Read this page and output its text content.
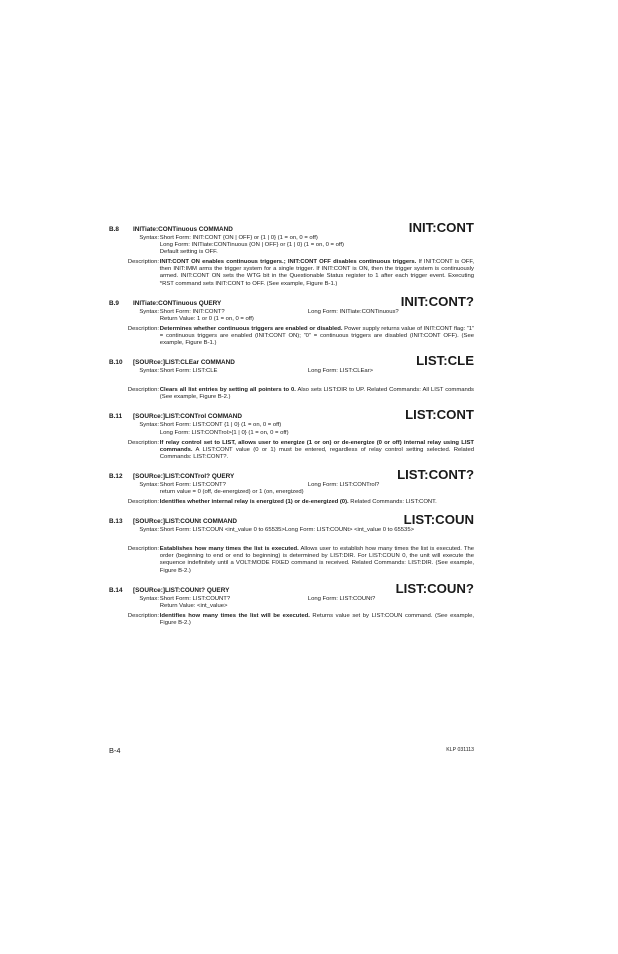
B.8 INITiate:CONTinuous COMMAND	INIT:CONT
Syntax: Short Form: INIT:CONT {ON | OFF} or {1 | 0} (1 = on, 0 = off)
Long Form: INITiate:CONTinuous {ON | OFF} or {1 | 0} (1 = on, 0 = off)
Default setting is OFF.
Description: INIT:CONT ON enables continuous triggers.; INIT:CONT OFF disables continuous triggers. If INIT:CONT is OFF, then INIT:IMM arms the trigger system for a single trigger. If INIT:CONT is ON, then the trigger system is continuously armed. INIT:CONT ON sets the WTG bit in the Questionable Status register to 1 after each trigger event. Executing *RST command sets INIT:CONT to OFF. (See example, Figure B-1.)
B.9 INITiate:CONTinuous QUERY	INIT:CONT?
Syntax: Short Form: INIT:CONT?	Long Form: INITiate:CONTinuous?
Return Value: 1 or 0 (1 = on, 0 = off)
Description: Determines whether continuous triggers are enabled or disabled. Power supply returns value of INIT:CONT flag: “1” = continuous triggers are enabled (INIT:CONT ON); “0” = continuous triggers are disabled (INIT:CONT OFF). (See example, Figure B-1.)
B.10 [SOURce:]LIST:CLEar COMMAND	LIST:CLE
Syntax: Short Form: LIST:CLE	Long Form: LIST:CLEar>
Description: Clears all list entries by setting all pointers to 0. Also sets LIST:DIR to UP. Related Commands: All LIST commands (See example, Figure B-2.)
B.11 [SOURce:]LIST:CONTrol COMMAND	LIST:CONT
Syntax: Short Form: LIST:CONT {1 | 0} (1 = on, 0 = off)
Long Form: LIST:CONTrol>{1 | 0} (1 = on, 0 = off)
Description: If relay control set to LIST, allows user to energize (1 or on) or de-energize (0 or off) internal relay using LIST commands. A LIST:CONT value (0 or 1) must be entered, regardless of relay control setting selected. Related Commands: LIST:CONT?.
B.12 [SOURce:]LIST:CONTrol? QUERY	LIST:CONT?
Syntax: Short Form: LIST:CONT?	Long Form: LIST:CONTrol?
return value = 0 (off, de-energized) or 1 (on, energized)
Description: Identifies whether internal relay is energized (1) or de-energized (0). Related Commands: LIST:CONT.
B.13 [SOURce:]LIST:COUNt COMMAND	LIST:COUN
Syntax: Short Form: LIST:COUN <int_value 0 to 65535>Long Form: LIST:COUNt> <int_value 0 to 65535>
Description: Establishes how many times the list is executed. Allows user to establish how many times the list is executed. The order (beginning to end or end to beginning) is determined by LIST:DIR. For LIST:COUN 0, the unit will execute the sequence indefinitely until a VOLT:MODE FIXED command is received. Related Commands: LIST:DIR. (See example, Figure B-2.)
B.14 [SOURce:]LIST:COUNt? QUERY	LIST:COUN?
Syntax: Short Form: LIST:COUNT?	Long Form: LIST:COUNt?
Return Value: <int_value>
Description: Identifies how many times the list will be executed. Returns value set by LIST:COUN command. (See example, Figure B-2.)
B-4	KLP 031113
